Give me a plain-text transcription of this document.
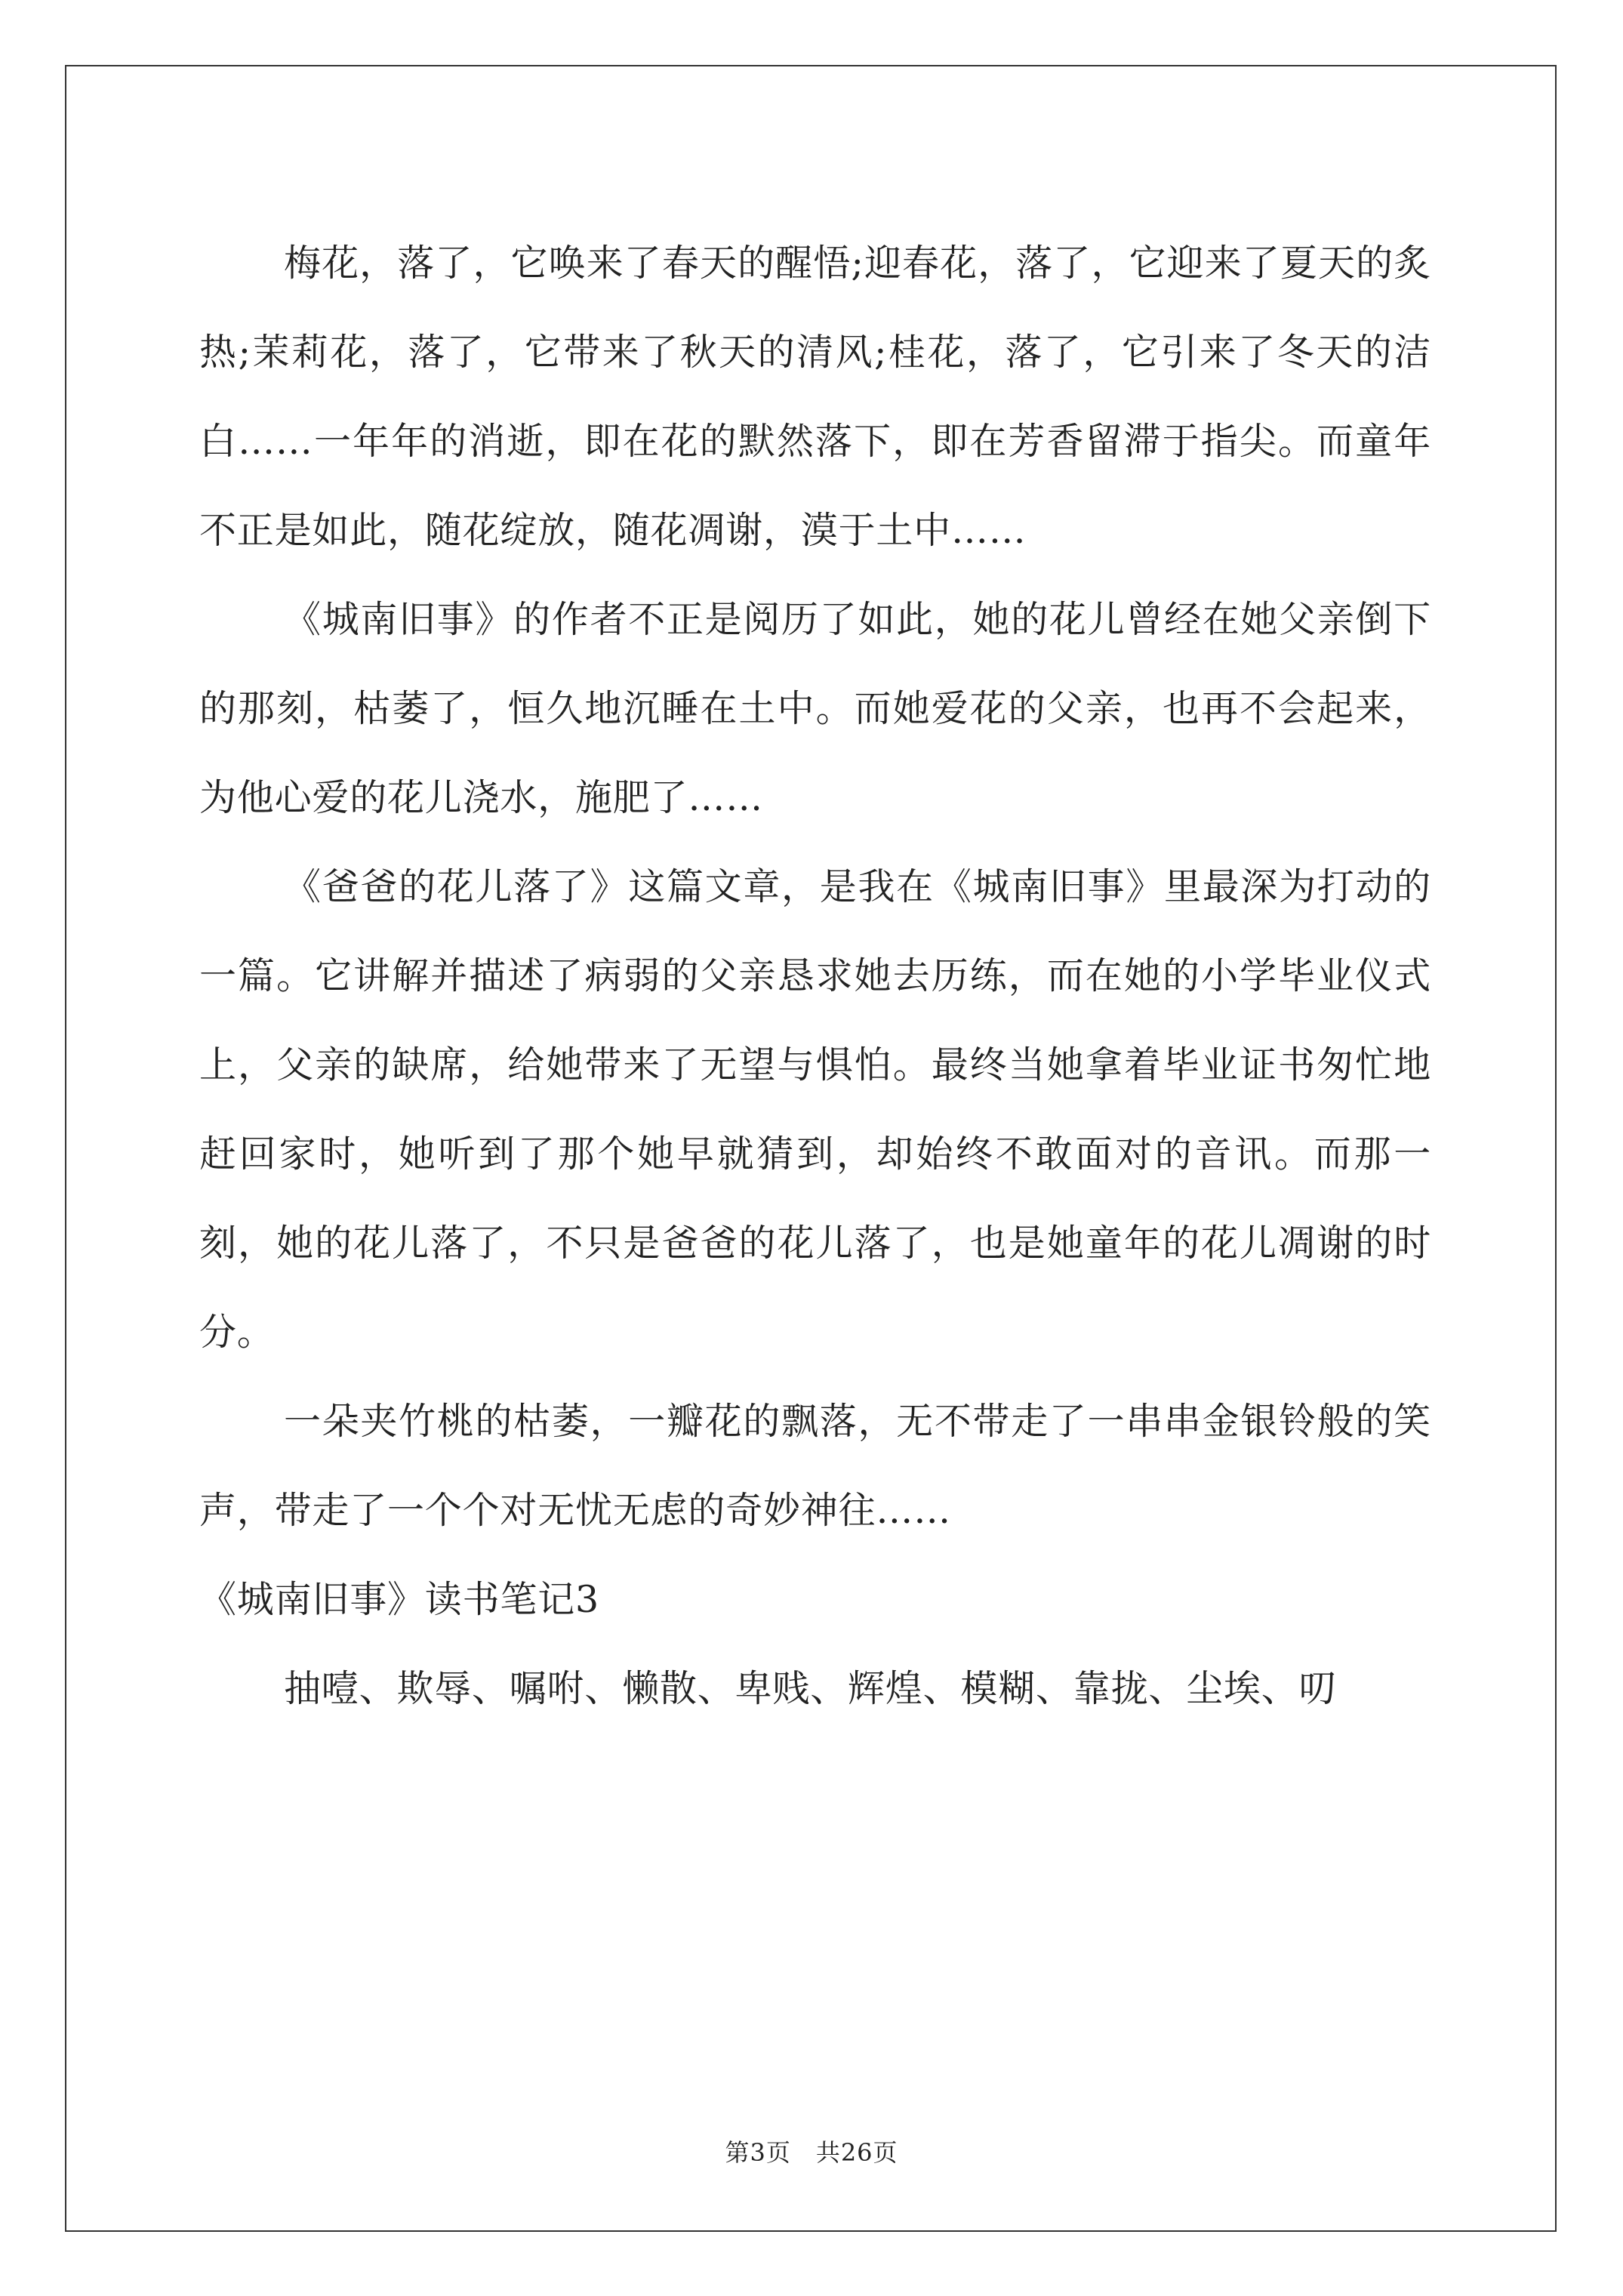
梅花，落了，它唤来了春天的醒悟;迎春花，落了，它迎来了夏天的炙热;茉莉花，落了，它带来了秋天的清风;桂花，落了，它引来了冬天的洁白……一年年的消逝，即在花的默然落下，即在芳香留滞于指尖。而童年不正是如此，随花绽放，随花凋谢，漠于土中……

《城南旧事》的作者不正是阅历了如此，她的花儿曾经在她父亲倒下的那刻，枯萎了，恒久地沉睡在土中。而她爱花的父亲，也再不会起来，为他心爱的花儿浇水，施肥了……

《爸爸的花儿落了》这篇文章，是我在《城南旧事》里最深为打动的一篇。它讲解并描述了病弱的父亲恳求她去历练，而在她的小学毕业仪式上，父亲的缺席，给她带来了无望与惧怕。最终当她拿着毕业证书匆忙地赶回家时，她听到了那个她早就猜到，却始终不敢面对的音讯。而那一刻，她的花儿落了，不只是爸爸的花儿落了，也是她童年的花儿凋谢的时分。

一朵夹竹桃的枯萎，一瓣花的飘落，无不带走了一串串金银铃般的笑声，带走了一个个对无忧无虑的奇妙神往……

《城南旧事》读书笔记3

抽噎、欺辱、嘱咐、懒散、卑贱、辉煌、模糊、靠拢、尘埃、叨

第3页　共26页
